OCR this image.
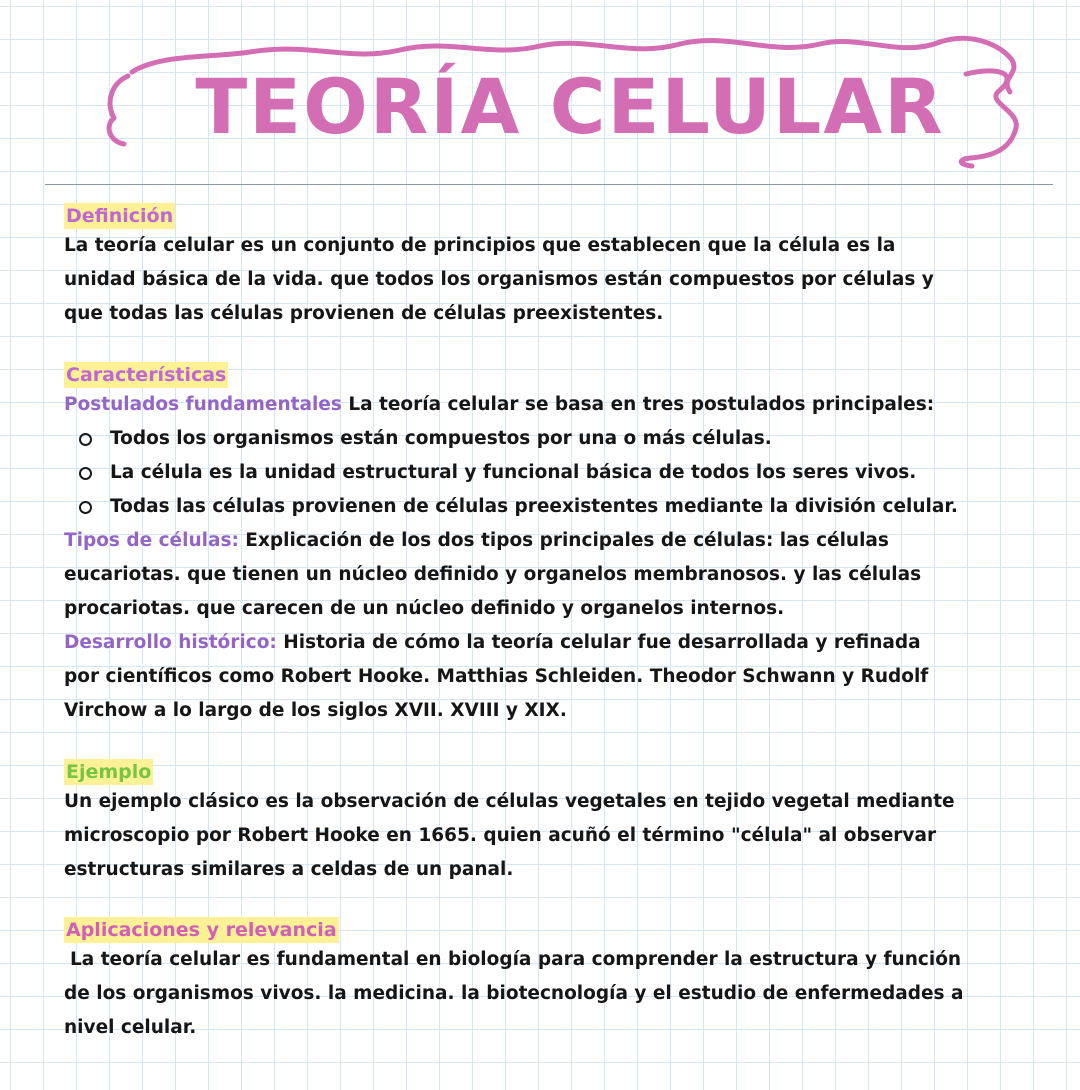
TEORÍA CELULAR
Definición

La teoría celular es un conjunto de principios que establecen que la célula es la

unidad básica de la vida. que todos los organismos están compuestos por células y

que todas las células provienen de células preexistentes.

Características

Postulados fundamentales La teoría celular se basa en tres postulados principales:

Todos los organismos están compuestos por una o más células.
La célula es la unidad estructural y funcional básica de todos los seres vivos.
Todas las células provienen de células preexistentes mediante la división celular.

Tipos de células: Explicación de los dos tipos principales de células: las células

eucariotas. que tienen un núcleo definido y organelos membranosos. y las células

procariotas. que carecen de un núcleo definido y organelos internos.

Desarrollo histórico: Historia de cómo la teoría celular fue desarrollada y refinada

por científicos como Robert Hooke. Matthias Schleiden. Theodor Schwann y Rudolf

Virchow a lo largo de los siglos XVII. XVIII y XIX.

Ejemplo

Un ejemplo clásico es la observación de células vegetales en tejido vegetal mediante

microscopio por Robert Hooke en 1665. quien acuñó el término "célula" al observar

estructuras similares a celdas de un panal.

Aplicaciones y relevancia

La teoría celular es fundamental en biología para comprender la estructura y función

de los organismos vivos. la medicina. la biotecnología y el estudio de enfermedades a

nivel celular.
